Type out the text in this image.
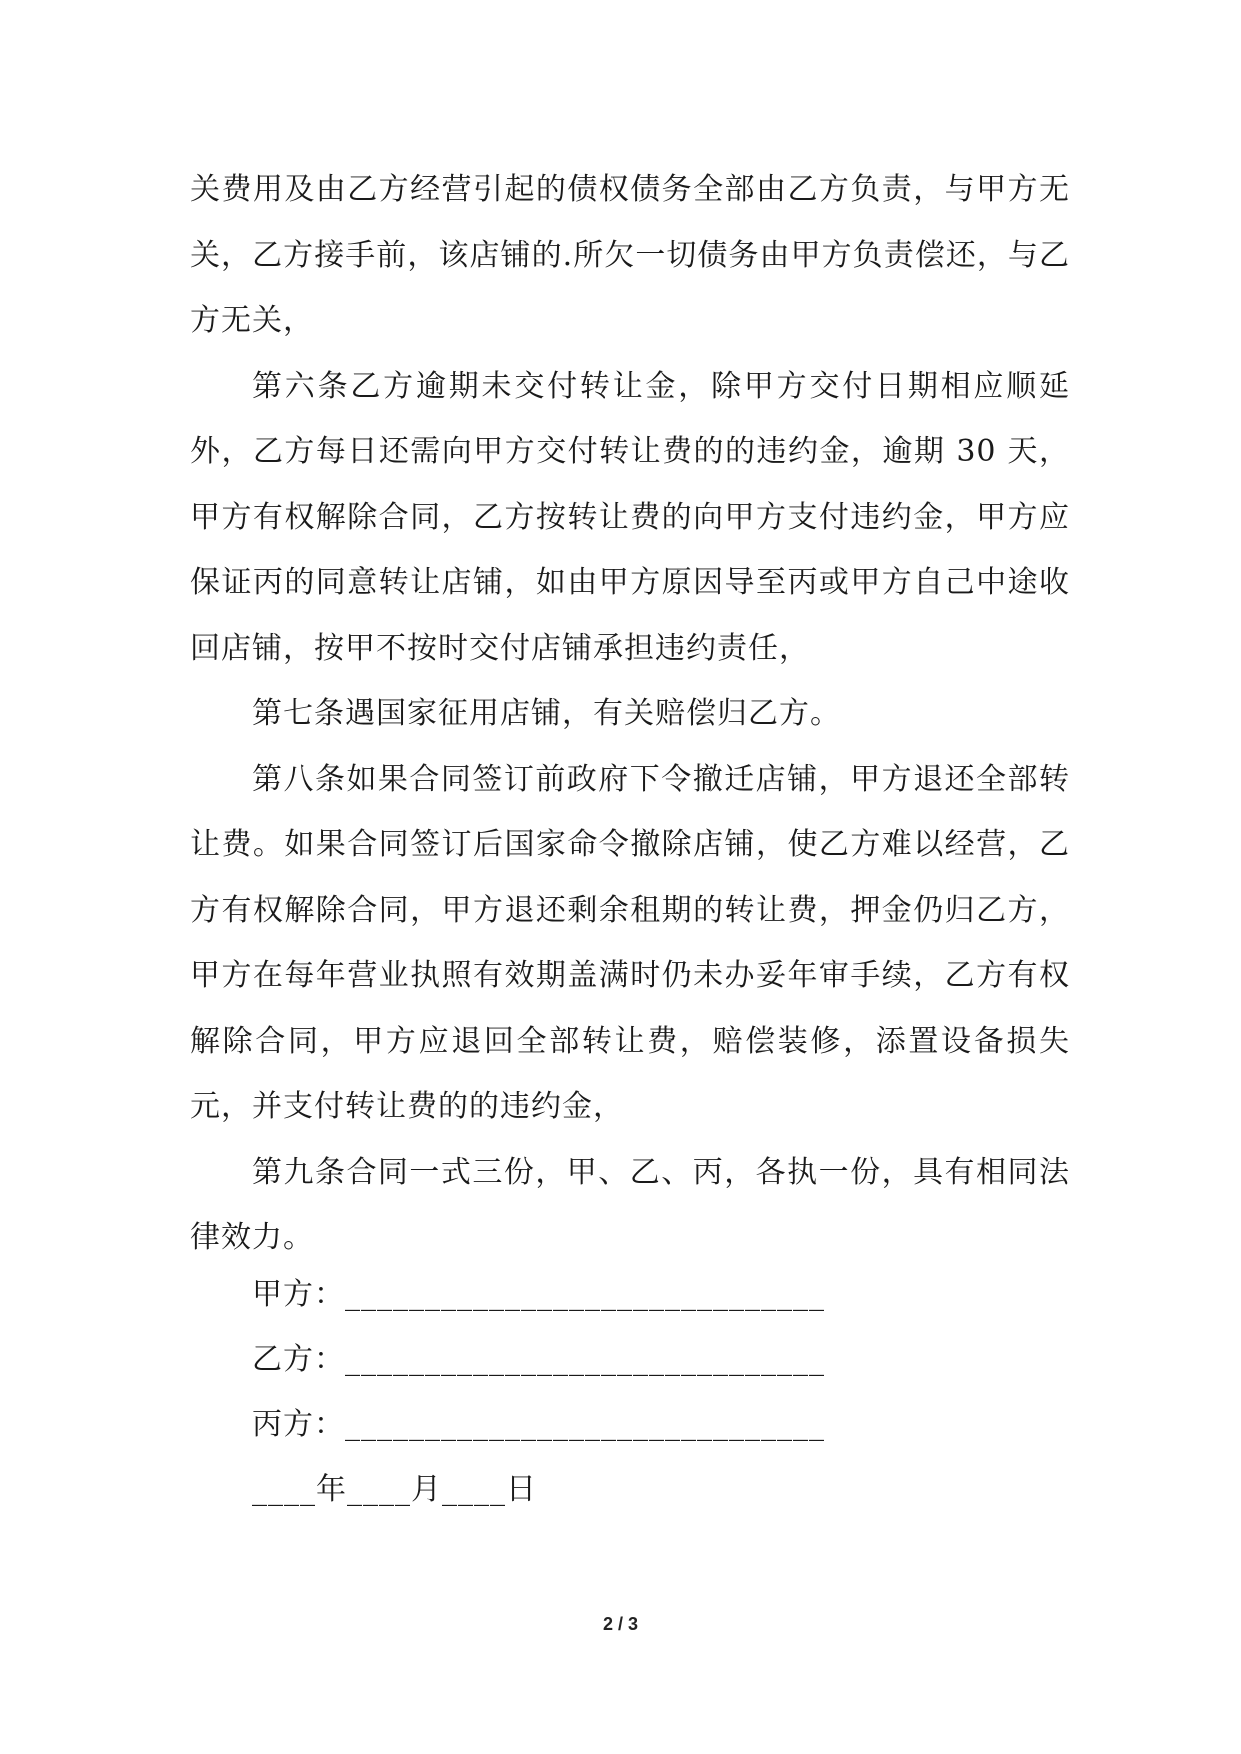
关费用及由乙方经营引起的债权债务全部由乙方负责，与甲方无关，乙方接手前，该店铺的.所欠一切债务由甲方负责偿还，与乙方无关，

第六条乙方逾期未交付转让金，除甲方交付日期相应顺延外，乙方每日还需向甲方交付转让费的的违约金，逾期 30 天，甲方有权解除合同，乙方按转让费的向甲方支付违约金，甲方应保证丙的同意转让店铺，如由甲方原因导至丙或甲方自己中途收回店铺，按甲不按时交付店铺承担违约责任，

第七条遇国家征用店铺，有关赔偿归乙方。

第八条如果合同签订前政府下令撤迁店铺，甲方退还全部转让费。如果合同签订后国家命令撤除店铺，使乙方难以经营，乙方有权解除合同，甲方退还剩余租期的转让费，押金仍归乙方，甲方在每年营业执照有效期盖满时仍未办妥年审手续，乙方有权解除合同，甲方应退回全部转让费，赔偿装修，添置设备损失元，并支付转让费的的违约金，

第九条合同一式三份，甲、乙、丙，各执一份，具有相同法律效力。

甲方：______________________________
乙方：______________________________
丙方：______________________________
____年____月____日
2 / 3
